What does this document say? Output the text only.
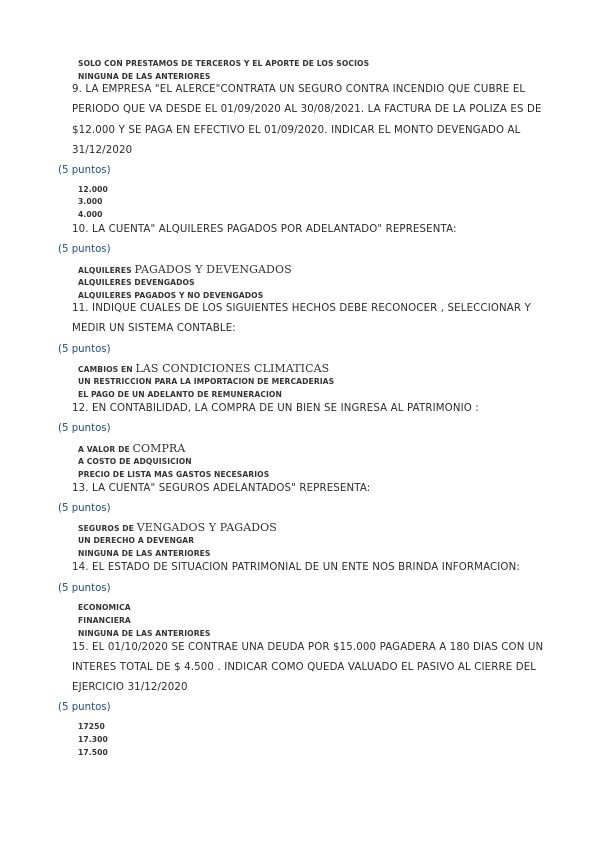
SOLO CON PRESTAMOS DE TERCEROS Y EL APORTE DE LOS SOCIOS
NINGUNA DE LAS ANTERIORES
9. LA EMPRESA "EL ALERCE"CONTRATA UN SEGURO CONTRA INCENDIO QUE CUBRE EL
PERIODO QUE VA DESDE EL 01/09/2020 AL 30/08/2021. LA FACTURA DE LA POLIZA ES DE
$12.000 Y SE PAGA EN EFECTIVO EL 01/09/2020. INDICAR EL MONTO DEVENGADO AL
31/12/2020
(5 puntos)
12.000
3.000
4.000
10. LA CUENTA" ALQUILERES PAGADOS POR ADELANTADO" REPRESENTA:
(5 puntos)
ALQUILERES PAGADOS Y DEVENGADOS
ALQUILERES DEVENGADOS
ALQUILERES PAGADOS Y NO DEVENGADOS
11. INDIQUE CUALES DE LOS SIGUIENTES HECHOS DEBE RECONOCER , SELECCIONAR Y
MEDIR UN SISTEMA CONTABLE:
(5 puntos)
CAMBIOS EN LAS CONDICIONES CLIMATICAS
UN RESTRICCION PARA LA IMPORTACION DE MERCADERIAS
EL PAGO DE UN ADELANTO DE REMUNERACION
12. EN CONTABILIDAD, LA COMPRA DE UN BIEN SE INGRESA AL PATRIMONIO :
(5 puntos)
A VALOR DE COMPRA
A COSTO DE ADQUISICION
PRECIO DE LISTA MAS GASTOS NECESARIOS
13. LA CUENTA" SEGUROS ADELANTADOS" REPRESENTA:
(5 puntos)
SEGUROS DE VENGADOS Y PAGADOS
UN DERECHO A DEVENGAR
NINGUNA DE LAS ANTERIORES
14. EL ESTADO DE SITUACION PATRIMONIAL DE UN ENTE NOS BRINDA INFORMACION:
(5 puntos)
ECONOMICA
FINANCIERA
NINGUNA DE LAS ANTERIORES
15. EL 01/10/2020 SE CONTRAE UNA DEUDA POR $15.000 PAGADERA A 180 DIAS CON UN
INTERES TOTAL DE $ 4.500 . INDICAR COMO QUEDA VALUADO EL PASIVO AL CIERRE DEL
EJERCICIO 31/12/2020
(5 puntos)
17250
17.300
17.500
